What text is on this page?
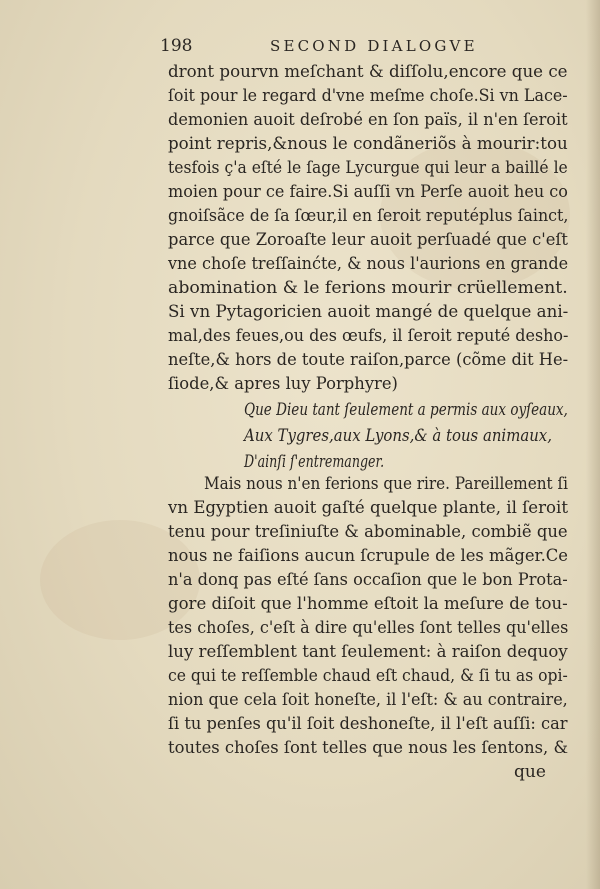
198	SECOND DIALOGVE
dront pourvn meſchant & diſſolu,encore que ce
ſoit pour le regard d'vne meſme choſe.Si vn Lace-
demonien auoit deſrobé en ſon païs, il n'en ſeroit
point repris,&nous le condãneriõs à mourir:tou
tesfois ç'a eſté le ſage Lycurgue qui leur a baillé le
moien pour ce faire.Si auſſi vn Perſe auoit heu co
gnoiſsãce de ſa ſœur,il en ſeroit reputéplus ſainct,
parce que Zoroaſte leur auoit perſuadé que c'eſt
vne choſe treſſainćte, & nous l'aurions en grande
abomination & le ferions mourir crüellement.
Si vn Pytagoricien auoit mangé de quelque ani-
mal,des feues,ou des œufs, il ſeroit reputé desho-
neſte,& hors de toute raiſon,parce (cõme dit He-
ſiode,& apres luy Porphyre)
Que Dieu tant ſeulement a permis aux oyſeaux,
Aux Tygres,aux Lyons,& à tous animaux,
D'ainſi ſ'entremanger.
Mais nous n'en ferions que rire. Pareillement ſi
vn Egyptien auoit gaſté quelque plante, il ſeroit
tenu pour treſiniuſte & abominable, combiẽ que
nous ne faiſions aucun ſcrupule de les mãger.Ce
n'a donq pas eſté ſans occaſion que le bon Prota-
gore diſoit que l'homme eſtoit la meſure de tou-
tes choſes, c'eſt à dire qu'elles ſont telles qu'elles
luy reſſemblent tant ſeulement: à raiſon dequoy
ce qui te reſſemble chaud eſt chaud, & ſi tu as opi-
nion que cela ſoit honeſte, il l'eſt: & au contraire,
ſi tu penſes qu'il ſoit deshoneſte, il l'eſt auſſi: car
toutes choſes ſont telles que nous les ſentons, &
que
